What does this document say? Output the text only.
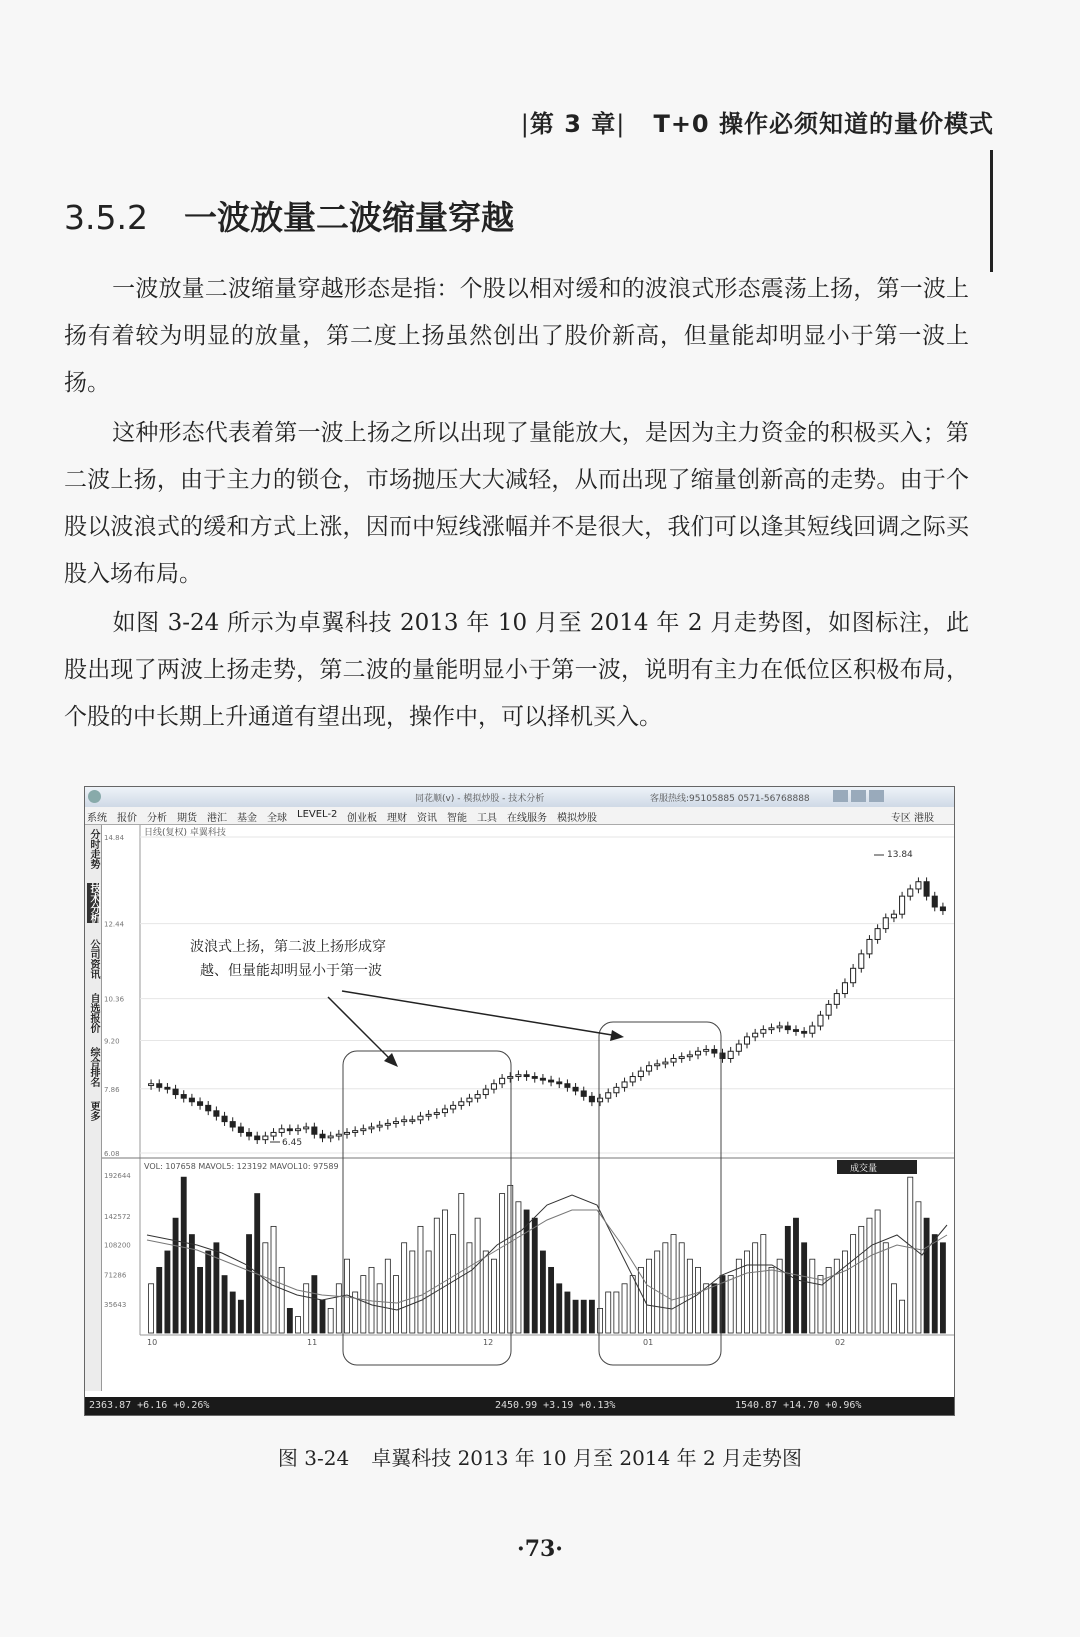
|第 3 章| T+0 操作必须知道的量价模式
3.5.2 一波放量二波缩量穿越
一波放量二波缩量穿越形态是指：个股以相对缓和的波浪式形态震荡上扬，第一波上扬有着较为明显的放量，第二度上扬虽然创出了股价新高，但量能却明显小于第一波上扬。
这种形态代表着第一波上扬之所以出现了量能放大，是因为主力资金的积极买入；第二波上扬，由于主力的锁仓，市场抛压大大减轻，从而出现了缩量创新高的走势。由于个股以波浪式的缓和方式上涨，因而中短线涨幅并不是很大，我们可以逢其短线回调之际买股入场布局。
如图 3-24 所示为卓翼科技 2013 年 10 月至 2014 年 2 月走势图，如图标注，此股出现了两波上扬走势，第二波的量能明显小于第一波，说明有主力在低位区积极布局，个股的中长期上升通道有望出现，操作中，可以择机买入。
同花顺(v) - 模拟炒股 - 技术分析	客服热线:95105885 0571-56768888
系统 报价 分析 期货 港汇 基金 全球 LEVEL-2 创业板 理财 资讯 智能 工具 在线服务 模拟炒股	专区 港股
分时走势
技术分析
公司资讯
自选报价
综合排名
更多
14.84
12.44
10.36
9.20
7.86
6.08
192644
142572
108200
71286
35643
日线(复权) 卓翼科技
VOL: 107658 MAVOL5: 123192 MAVOL10: 97589	成交量
6.45
13.84
波浪式上扬，第二波上扬形成穿
越、但量能却明显小于第一波
10	11	12	01	02
2363.87 +6.16 +0.26%	2450.99 +3.19 +0.13%	1540.87 +14.70 +0.96%
图 3-24 卓翼科技 2013 年 10 月至 2014 年 2 月走势图
·73·
